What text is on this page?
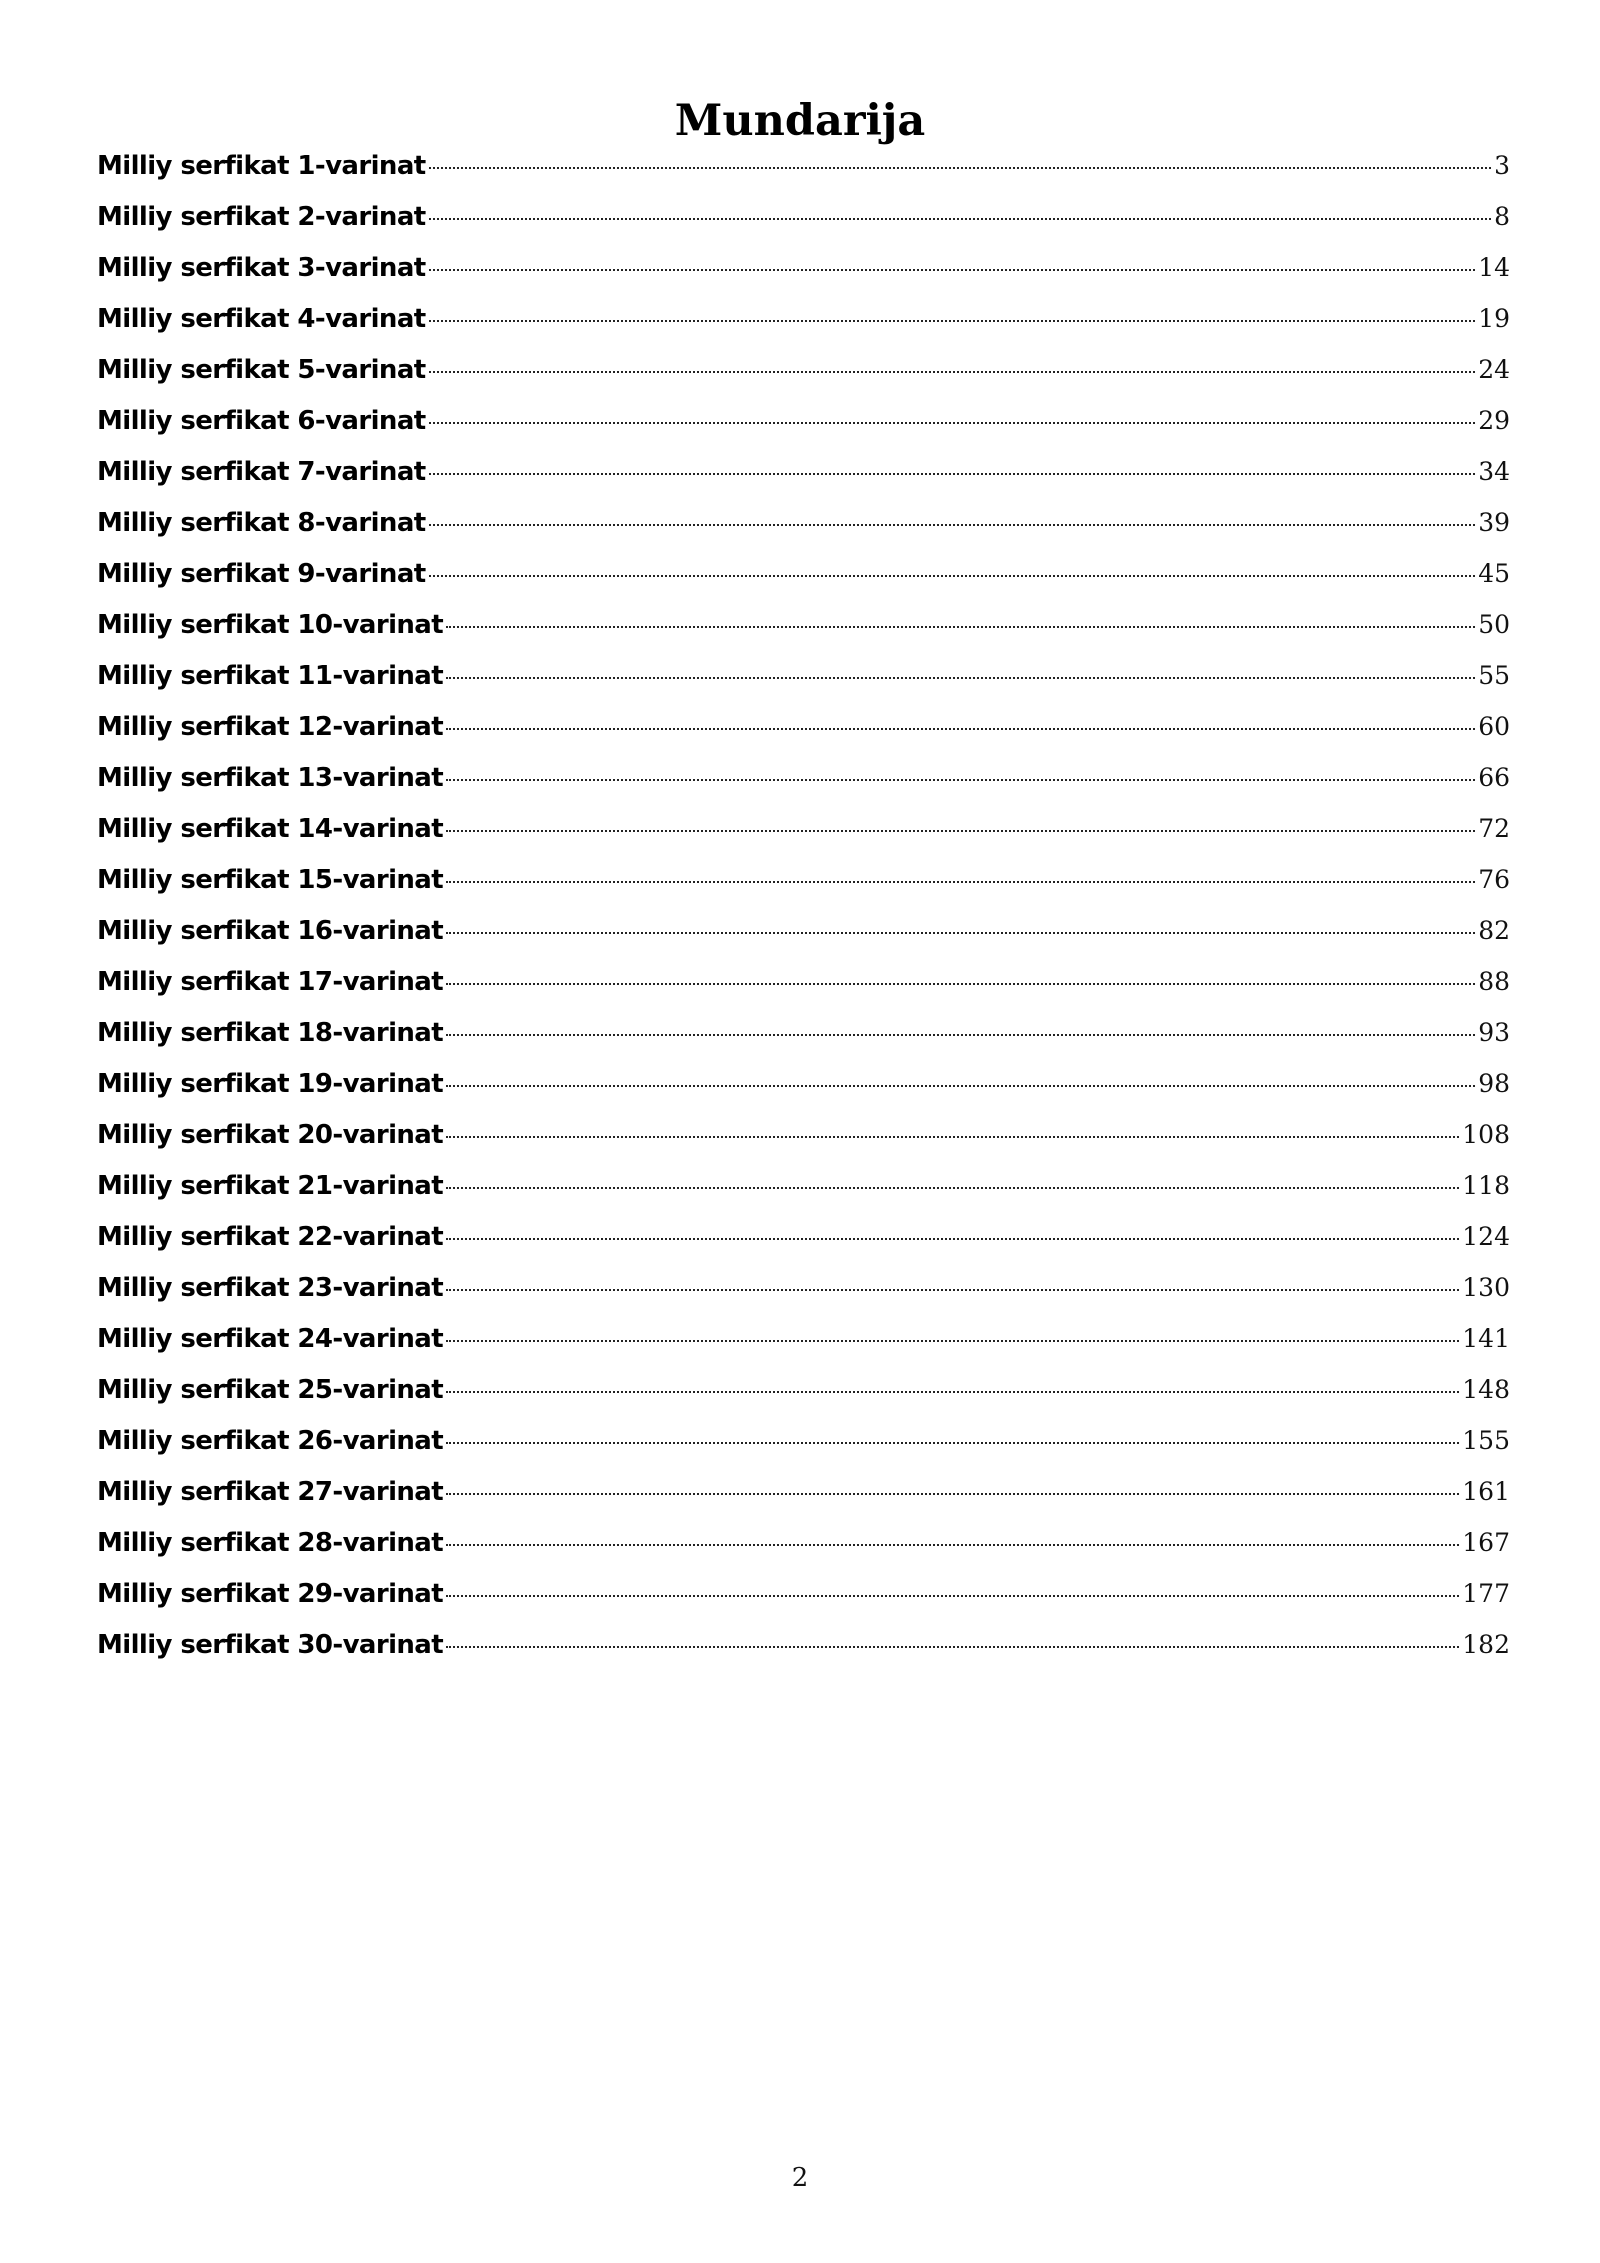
Mundarija
Milliy serfikat 1-varinat	3
Milliy serfikat 2-varinat	8
Milliy serfikat 3-varinat	14
Milliy serfikat 4-varinat	19
Milliy serfikat 5-varinat	24
Milliy serfikat 6-varinat	29
Milliy serfikat 7-varinat	34
Milliy serfikat 8-varinat	39
Milliy serfikat 9-varinat	45
Milliy serfikat 10-varinat	50
Milliy serfikat 11-varinat	55
Milliy serfikat 12-varinat	60
Milliy serfikat 13-varinat	66
Milliy serfikat 14-varinat	72
Milliy serfikat 15-varinat	76
Milliy serfikat 16-varinat	82
Milliy serfikat 17-varinat	88
Milliy serfikat 18-varinat	93
Milliy serfikat 19-varinat	98
Milliy serfikat 20-varinat	108
Milliy serfikat 21-varinat	118
Milliy serfikat 22-varinat	124
Milliy serfikat 23-varinat	130
Milliy serfikat 24-varinat	141
Milliy serfikat 25-varinat	148
Milliy serfikat 26-varinat	155
Milliy serfikat 27-varinat	161
Milliy serfikat 28-varinat	167
Milliy serfikat 29-varinat	177
Milliy serfikat 30-varinat	182
2
